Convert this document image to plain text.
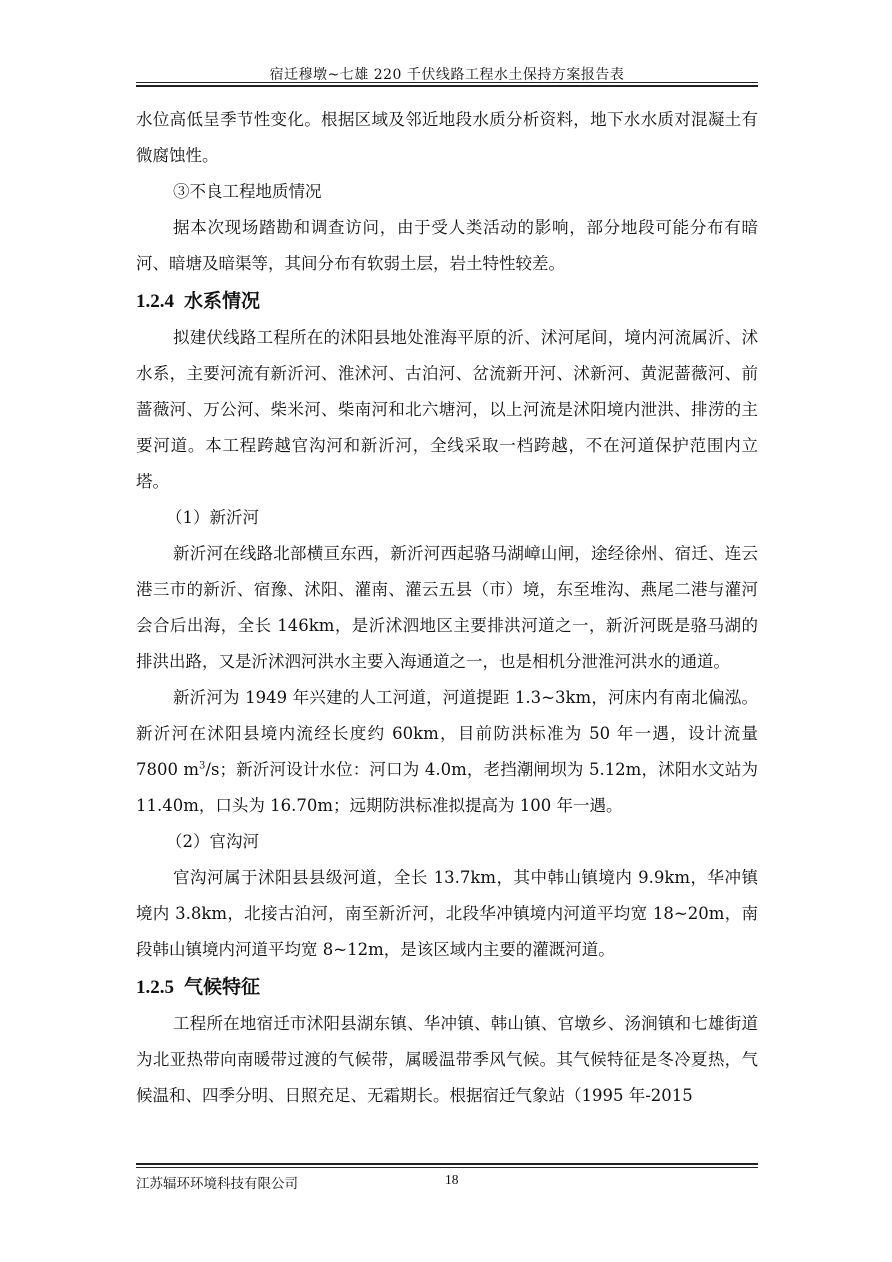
宿迁穆墩~七雄 220 千伏线路工程水土保持方案报告表

水位高低呈季节性变化。根据区域及邻近地段水质分析资料，地下水水质对混凝土有微腐蚀性。

③不良工程地质情况

据本次现场踏勘和调查访问，由于受人类活动的影响，部分地段可能分布有暗河、暗塘及暗渠等，其间分布有软弱土层，岩土特性较差。

1.2.4 水系情况

拟建伏线路工程所在的沭阳县地处淮海平原的沂、沭河尾间，境内河流属沂、沭水系，主要河流有新沂河、淮沭河、古泊河、岔流新开河、沭新河、黄泥蔷薇河、前蔷薇河、万公河、柴米河、柴南河和北六塘河，以上河流是沭阳境内泄洪、排涝的主要河道。本工程跨越官沟河和新沂河，全线采取一档跨越，不在河道保护范围内立塔。

（1）新沂河

新沂河在线路北部横亘东西，新沂河西起骆马湖嶂山闸，途经徐州、宿迁、连云港三市的新沂、宿豫、沭阳、灌南、灌云五县（市）境，东至堆沟、燕尾二港与灌河会合后出海，全长 146km，是沂沭泗地区主要排洪河道之一，新沂河既是骆马湖的排洪出路，又是沂沭泗河洪水主要入海通道之一，也是相机分泄淮河洪水的通道。

新沂河为 1949 年兴建的人工河道，河道提距 1.3~3km，河床内有南北偏泓。新沂河在沭阳县境内流经长度约 60km，目前防洪标准为 50 年一遇，设计流量 7800 $m^3/s$；新沂河设计水位：河口为 4.0m，老挡潮闸坝为 5.12m，沭阳水文站为 11.40m，口头为 16.70m；远期防洪标准拟提高为 100 年一遇。

（2）官沟河

官沟河属于沭阳县县级河道，全长 13.7km，其中韩山镇境内 9.9km，华冲镇境内 3.8km，北接古泊河，南至新沂河，北段华冲镇境内河道平均宽 18~20m，南段韩山镇境内河道平均宽 8~12m，是该区域内主要的灌溉河道。

1.2.5 气候特征

工程所在地宿迁市沭阳县湖东镇、华冲镇、韩山镇、官墩乡、汤涧镇和七雄街道为北亚热带向南暖带过渡的气候带，属暖温带季风气候。其气候特征是冬冷夏热，气候温和、四季分明、日照充足、无霜期长。根据宿迁气象站（1995 年-2015

江苏辐环环境科技有限公司	18
